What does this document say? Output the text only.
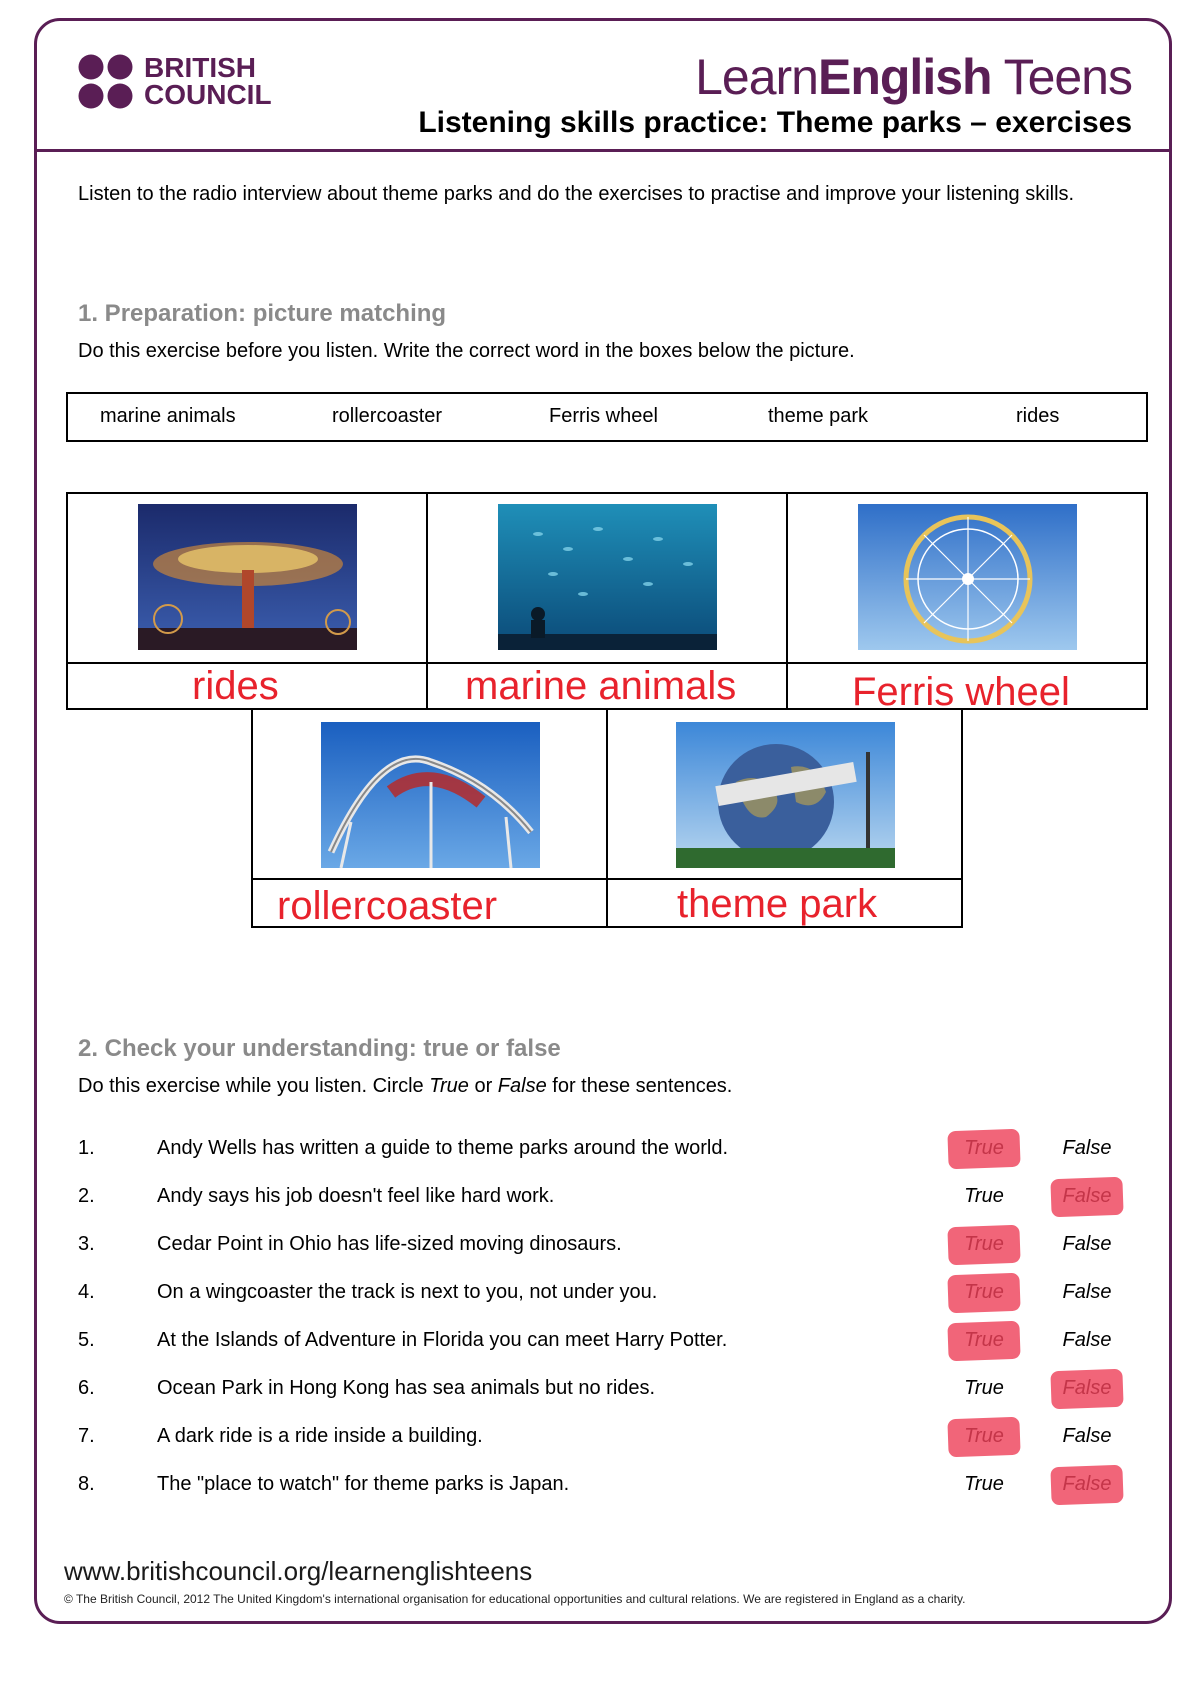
BRITISH
COUNCIL	LearnEnglish Teens
Listening skills practice: Theme parks – exercises
Listen to the radio interview about theme parks and do the exercises to practise and improve your listening skills.
1. Preparation: picture matching
Do this exercise before you listen. Write the correct word in the boxes below the picture.
marine animals	rollercoaster	Ferris wheel	theme park	rides
rides	marine animals	Ferris wheel
rollercoaster	theme park
2. Check your understanding: true or false
Do this exercise while you listen. Circle True or False for these sentences.
1.	Andy Wells has written a guide to theme parks around the world.	True	False
2.	Andy says his job doesn't feel like hard work.	True	False
3.	Cedar Point in Ohio has life-sized moving dinosaurs.	True	False
4.	On a wingcoaster the track is next to you, not under you.	True	False
5.	At the Islands of Adventure in Florida you can meet Harry Potter.	True	False
6.	Ocean Park in Hong Kong has sea animals but no rides.	True	False
7.	A dark ride is a ride inside a building.	True	False
8.	The "place to watch" for theme parks is Japan.	True	False
www.britishcouncil.org/learnenglishteens
© The British Council, 2012 The United Kingdom's international organisation for educational opportunities and cultural relations. We are registered in England as a charity.
